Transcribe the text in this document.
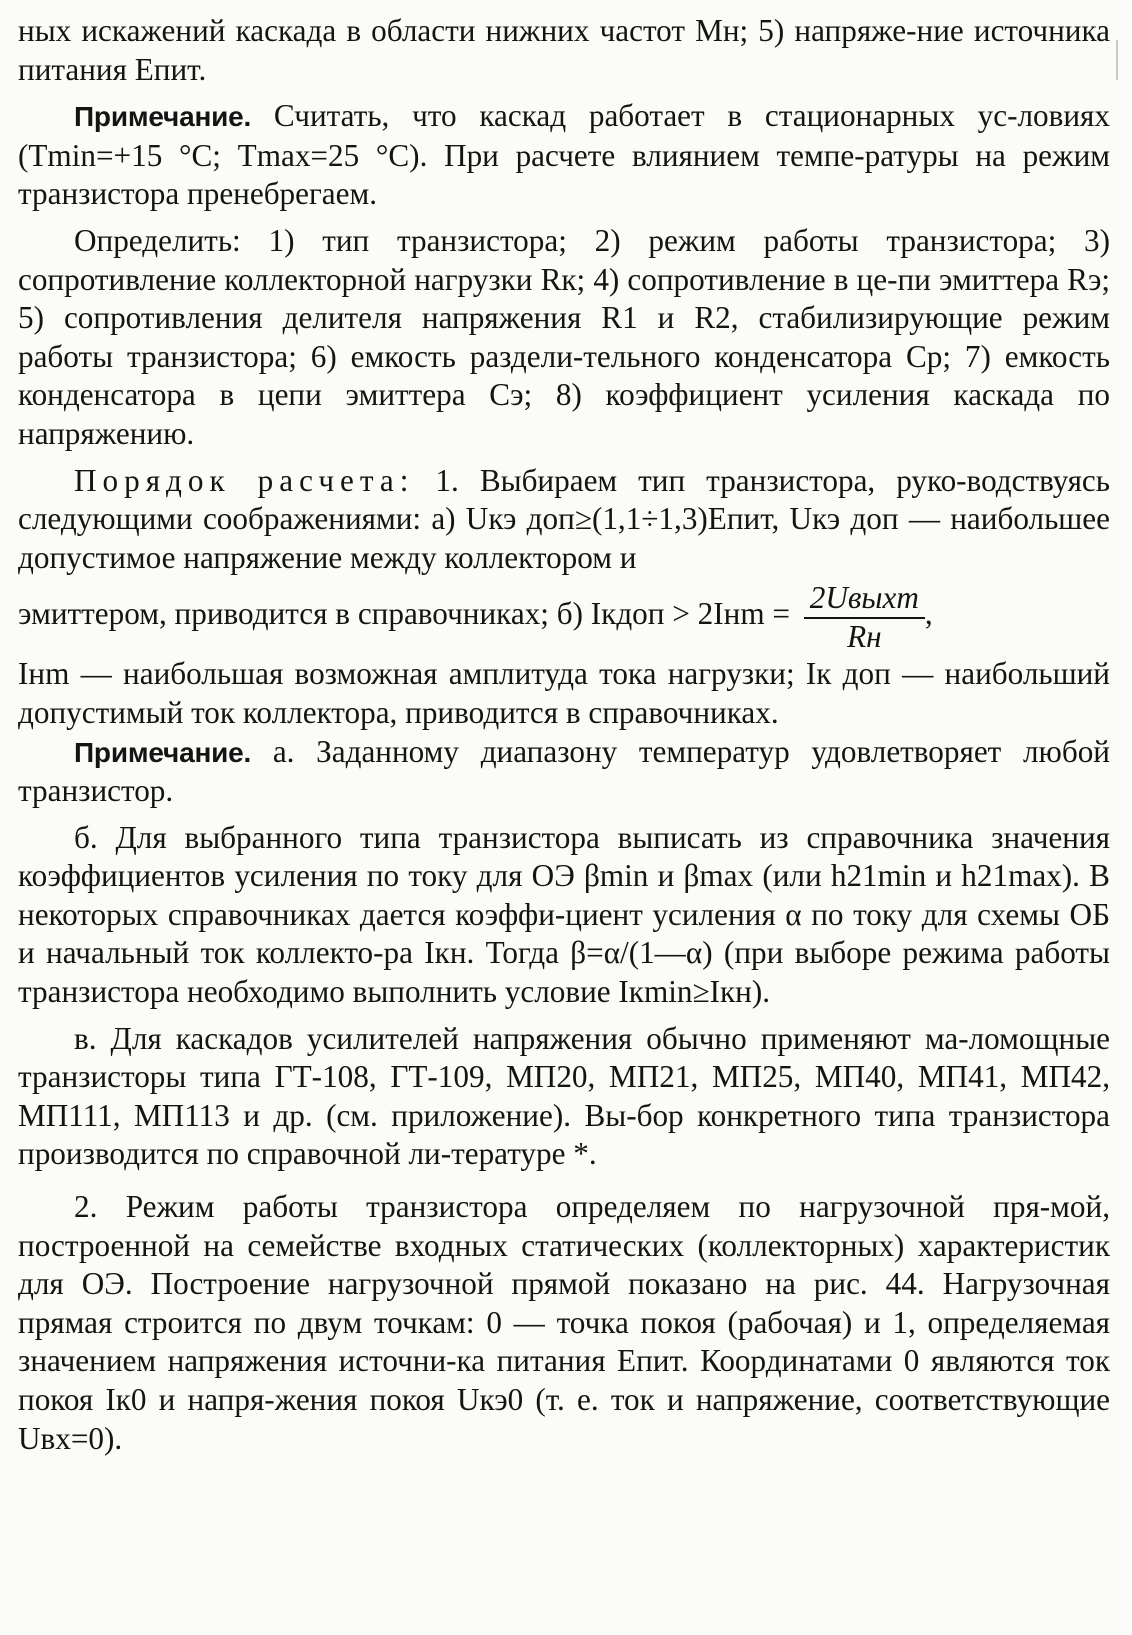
ных искажений каскада в области нижних частот Mн; 5) напряже-ние источника питания Eпит.

Примечание. Считать, что каскад работает в стационарных ус-ловиях (Tmin=+15 °С; Tmax=25 °С). При расчете влиянием темпе-ратуры на режим транзистора пренебрегаем.

Определить: 1) тип транзистора; 2) режим работы транзистора; 3) сопротивление коллекторной нагрузки Rк; 4) сопротивление в це-пи эмиттера Rэ; 5) сопротивления делителя напряжения R1 и R2, стабилизирующие режим работы транзистора; 6) емкость раздели-тельного конденсатора Cр; 7) емкость конденсатора в цепи эмиттера Cэ; 8) коэффициент усиления каскада по напряжению.

Порядок расчета: 1. Выбираем тип транзистора, руко-водствуясь следующими соображениями: а) Uкэ доп≥(1,1÷1,3)Eпит, Uкэ доп — наибольшее допустимое напряжение между коллектором и

эмиттером, приводится в справочниках; б) Iкдоп > $2Iнm = \frac{\text{2Uвыхm}}{Rн}$ ,

Iнm — наибольшая возможная амплитуда тока нагрузки; Iк доп — наибольший допустимый ток коллектора, приводится в справочниках.

Примечание. а. Заданному диапазону температур удовлетворяет любой транзистор.

б. Для выбранного типа транзистора выписать из справочника значения коэффициентов усиления по току для ОЭ βmin и βmax (или h21min и h21max). В некоторых справочниках дается коэффи-циент усиления α по току для схемы ОБ и начальный ток коллекто-ра Iкн. Тогда β=α/(1—α) (при выборе режима работы транзистора необходимо выполнить условие Iкmin≥Iкн).

в. Для каскадов усилителей напряжения обычно применяют ма-ломощные транзисторы типа ГТ-108, ГТ-109, МП20, МП21, МП25, МП40, МП41, МП42, МП111, МП113 и др. (см. приложение). Вы-бор конкретного типа транзистора производится по справочной ли-тературе *.

2. Режим работы транзистора определяем по нагрузочной пря-мой, построенной на семействе входных статических (коллекторных) характеристик для ОЭ. Построение нагрузочной прямой показано на рис. 44. Нагрузочная прямая строится по двум точкам: 0 — точка покоя (рабочая) и 1, определяемая значением напряжения источни-ка питания Eпит. Координатами 0 являются ток покоя Iк0 и напря-жения покоя Uкэ0 (т. е. ток и напряжение, соответствующие Uвх=0).
